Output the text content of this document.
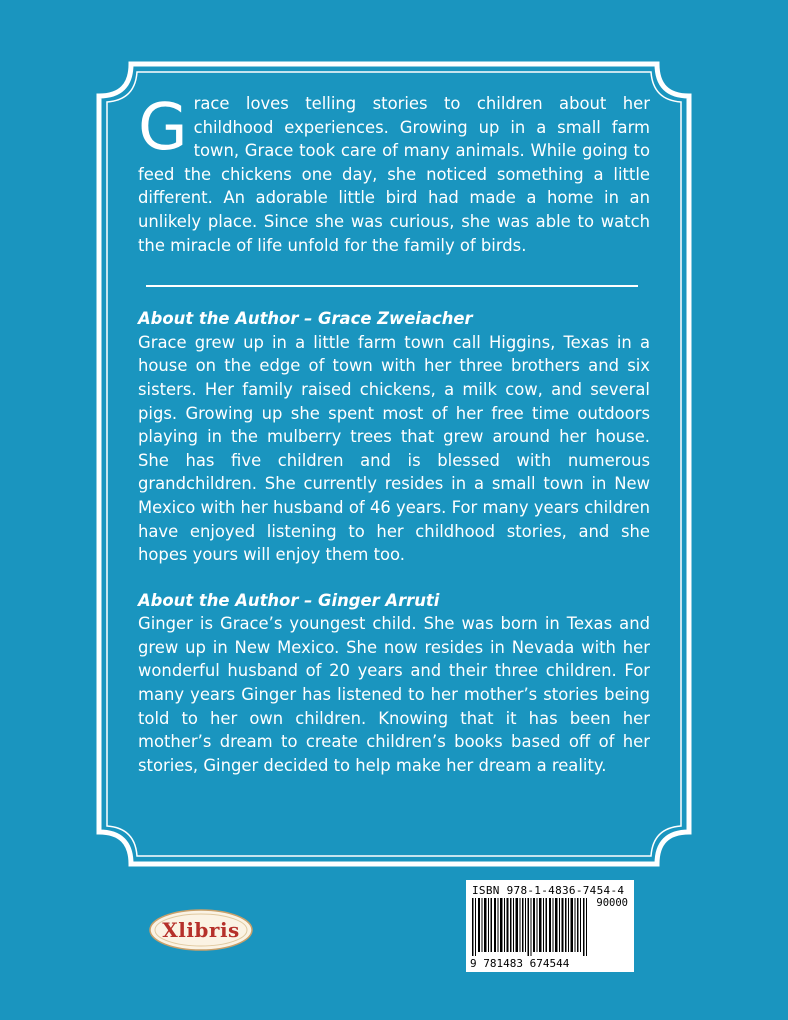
Grace loves telling stories to children about her childhood experiences. Growing up in a small farm town, Grace took care of many animals. While going to feed the chickens one day, she noticed something a little different. An adorable little bird had made a home in an unlikely place. Since she was curious, she was able to watch the miracle of life unfold for the family of birds.

About the Author – Grace Zweiacher

Grace grew up in a little farm town call Higgins, Texas in a house on the edge of town with her three brothers and six sisters. Her family raised chickens, a milk cow, and several pigs. Growing up she spent most of her free time outdoors playing in the mulberry trees that grew around her house. She has five children and is blessed with numerous grandchildren. She currently resides in a small town in New Mexico with her husband of 46 years. For many years children have enjoyed listening to her childhood stories, and she hopes yours will enjoy them too.

About the Author – Ginger Arruti

Ginger is Grace’s youngest child. She was born in Texas and grew up in New Mexico. She now resides in Nevada with her wonderful husband of 20 years and their three children. For many years Ginger has listened to her mother’s stories being told to her own children. Knowing that it has been her mother’s dream to create children’s books based off of her stories, Ginger decided to help make her dream a reality.

Xlibris
ISBN 978-1-4836-7454-4
90000
9 781483 674544
